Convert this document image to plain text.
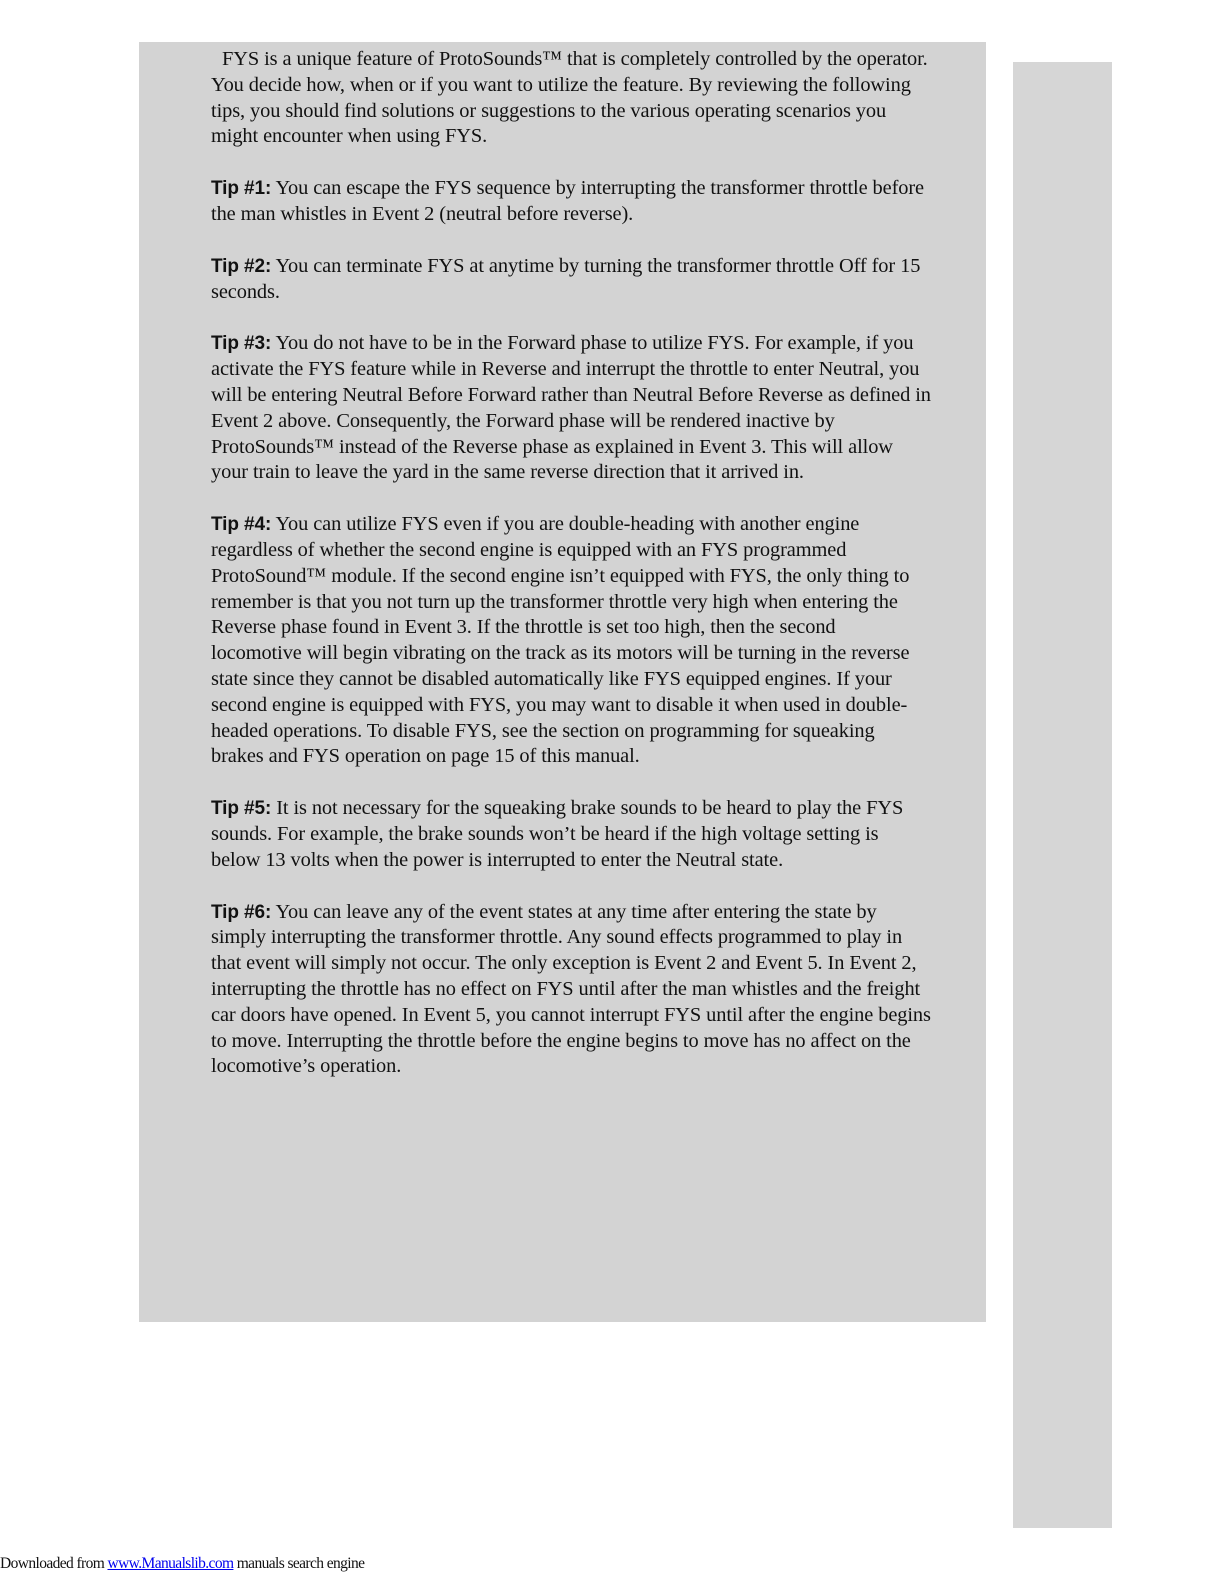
FYS is a unique feature of ProtoSounds™ that is completely controlled by the operator. You decide how, when or if you want to utilize the feature. By reviewing the following tips, you should find solutions or suggestions to the various operating scenarios you might encounter when using FYS.

Tip #1: You can escape the FYS sequence by interrupting the transformer throttle before the man whistles in Event 2 (neutral before reverse).

Tip #2: You can terminate FYS at anytime by turning the transformer throttle Off for 15 seconds.

Tip #3: You do not have to be in the Forward phase to utilize FYS. For example, if you activate the FYS feature while in Reverse and interrupt the throttle to enter Neutral, you will be entering Neutral Before Forward rather than Neutral Before Reverse as defined in Event 2 above. Consequently, the Forward phase will be rendered inactive by ProtoSounds™ instead of the Reverse phase as explained in Event 3. This will allow your train to leave the yard in the same reverse direction that it arrived in.

Tip #4: You can utilize FYS even if you are double-heading with another engine regardless of whether the second engine is equipped with an FYS programmed ProtoSound™ module. If the second engine isn’t equipped with FYS, the only thing to remember is that you not turn up the transformer throttle very high when entering the Reverse phase found in Event 3. If the throttle is set too high, then the second locomotive will begin vibrating on the track as its motors will be turning in the reverse state since they cannot be disabled automatically like FYS equipped engines. If your second engine is equipped with FYS, you may want to disable it when used in double-headed operations. To disable FYS, see the section on programming for squeaking brakes and FYS operation on page 15 of this manual.

Tip #5: It is not necessary for the squeaking brake sounds to be heard to play the FYS sounds. For example, the brake sounds won’t be heard if the high voltage setting is below 13 volts when the power is interrupted to enter the Neutral state.

Tip #6: You can leave any of the event states at any time after entering the state by simply interrupting the transformer throttle. Any sound effects programmed to play in that event will simply not occur. The only exception is Event 2 and Event 5. In Event 2, interrupting the throttle has no effect on FYS until after the man whistles and the freight car doors have opened. In Event 5, you cannot interrupt FYS until after the engine begins to move. Interrupting the throttle before the engine begins to move has no affect on the locomotive’s operation.

Downloaded from www.Manualslib.com manuals search engine
